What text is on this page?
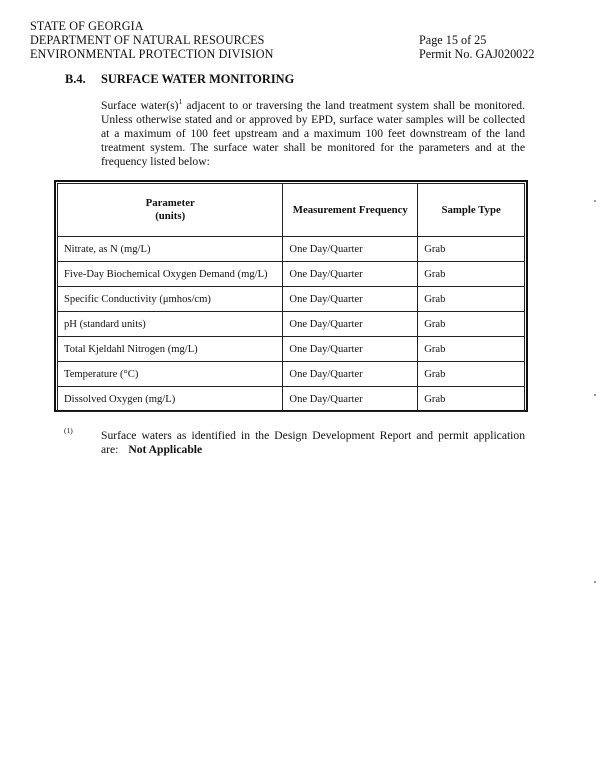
STATE OF GEORGIA
DEPARTMENT OF NATURAL RESOURCES
ENVIRONMENTAL PROTECTION DIVISION
Page 15 of 25
Permit No. GAJ020022
B.4. SURFACE WATER MONITORING
Surface $water(s)^1$ adjacent to or traversing the land treatment system shall be monitored. Unless otherwise stated and or approved by EPD, surface water samples will be collected at a maximum of 100 feet upstream and a maximum 100 feet downstream of the land treatment system. The surface water shall be monitored for the parameters and at the frequency listed below:
Parameter
(units)	Measurement Frequency	Sample Type
Nitrate, as N (mg/L)	One Day/Quarter	Grab
Five-Day Biochemical Oxygen Demand (mg/L)	One Day/Quarter	Grab
Specific Conductivity (μmhos/cm)	One Day/Quarter	Grab
pH (standard units)	One Day/Quarter	Grab
Total Kjeldahl Nitrogen (mg/L)	One Day/Quarter	Grab
Temperature (°C)	One Day/Quarter	Grab
Dissolved Oxygen (mg/L)	One Day/Quarter	Grab
(1) Surface waters as identified in the Design Development Report and permit application are: Not Applicable
